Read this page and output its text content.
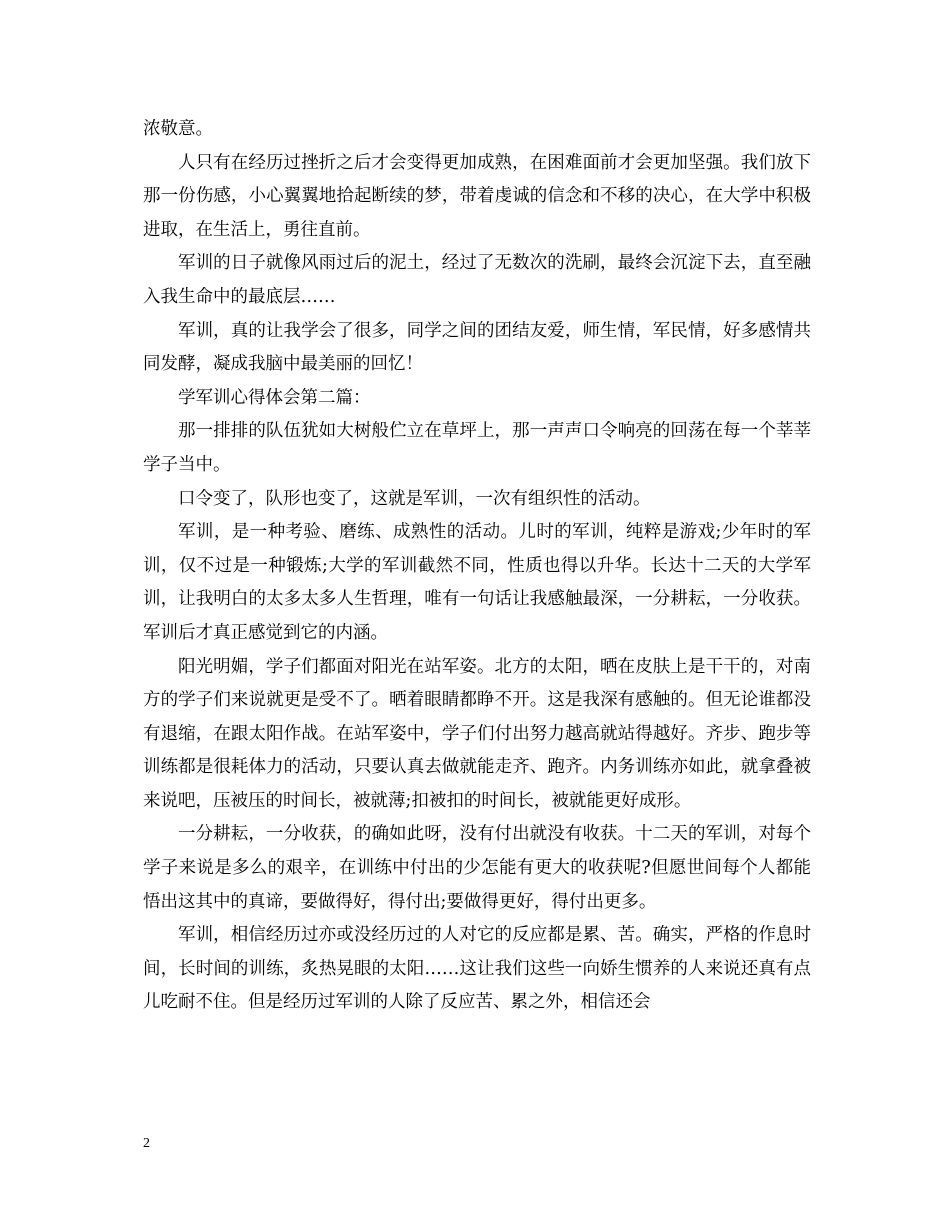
浓敬意。

人只有在经历过挫折之后才会变得更加成熟，在困难面前才会更加坚强。我们放下那一份伤感，小心翼翼地拾起断续的梦，带着虔诚的信念和不移的决心，在大学中积极进取，在生活上，勇往直前。

军训的日子就像风雨过后的泥土，经过了无数次的洗刷，最终会沉淀下去，直至融入我生命中的最底层……

军训，真的让我学会了很多，同学之间的团结友爱，师生情，军民情，好多感情共同发酵，凝成我脑中最美丽的回忆！

学军训心得体会第二篇：

那一排排的队伍犹如大树般伫立在草坪上，那一声声口令响亮的回荡在每一个莘莘学子当中。

口令变了，队形也变了，这就是军训，一次有组织性的活动。

军训，是一种考验、磨练、成熟性的活动。儿时的军训，纯粹是游戏;少年时的军训，仅不过是一种锻炼;大学的军训截然不同，性质也得以升华。长达十二天的大学军训，让我明白的太多太多人生哲理，唯有一句话让我感触最深，一分耕耘，一分收获。军训后才真正感觉到它的内涵。

阳光明媚，学子们都面对阳光在站军姿。北方的太阳，晒在皮肤上是干干的，对南方的学子们来说就更是受不了。晒着眼睛都睁不开。这是我深有感触的。但无论谁都没有退缩，在跟太阳作战。在站军姿中，学子们付出努力越高就站得越好。齐步、跑步等训练都是很耗体力的活动，只要认真去做就能走齐、跑齐。内务训练亦如此，就拿叠被来说吧，压被压的时间长，被就薄;扣被扣的时间长，被就能更好成形。

一分耕耘，一分收获，的确如此呀，没有付出就没有收获。十二天的军训，对每个学子来说是多么的艰辛，在训练中付出的少怎能有更大的收获呢?但愿世间每个人都能悟出这其中的真谛，要做得好，得付出;要做得更好，得付出更多。

军训，相信经历过亦或没经历过的人对它的反应都是累、苦。确实，严格的作息时间，长时间的训练，炙热晃眼的太阳……这让我们这些一向娇生惯养的人来说还真有点儿吃耐不住。但是经历过军训的人除了反应苦、累之外，相信还会

2
